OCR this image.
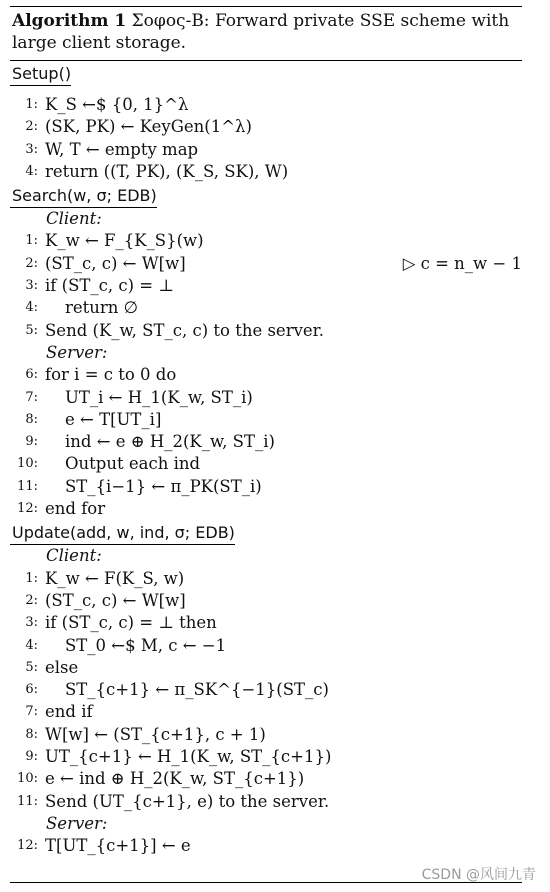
Algorithm 1 Σοφος-B: Forward private SSE scheme with large client storage.
Setup()
1: K_S ←$ {0, 1}^λ
2: (SK, PK) ← KeyGen(1^λ)
3: W, T ← empty map
4: return ((T, PK), (K_S, SK), W)
Search(w, σ; EDB)
Client:
1: K_w ← F_{K_S}(w)
2: (ST_c, c) ← W[w]	▷ c = n_w − 1
3: if (ST_c, c) = ⊥
4: return ∅
5: Send (K_w, ST_c, c) to the server.
Server:
6: for i = c to 0 do
7: UT_i ← H_1(K_w, ST_i)
8: e ← T[UT_i]
9: ind ← e ⊕ H_2(K_w, ST_i)
10: Output each ind
11: ST_{i−1} ← π_PK(ST_i)
12: end for
Update(add, w, ind, σ; EDB)
Client:
1: K_w ← F(K_S, w)
2: (ST_c, c) ← W[w]
3: if (ST_c, c) = ⊥ then
4: ST_0 ←$ M, c ← −1
5: else
6: ST_{c+1} ← π_SK^{−1}(ST_c)
7: end if
8: W[w] ← (ST_{c+1}, c + 1)
9: UT_{c+1} ← H_1(K_w, ST_{c+1})
10: e ← ind ⊕ H_2(K_w, ST_{c+1})
11: Send (UT_{c+1}, e) to the server.
Server:
12: T[UT_{c+1}] ← e
CSDN @风间九青
